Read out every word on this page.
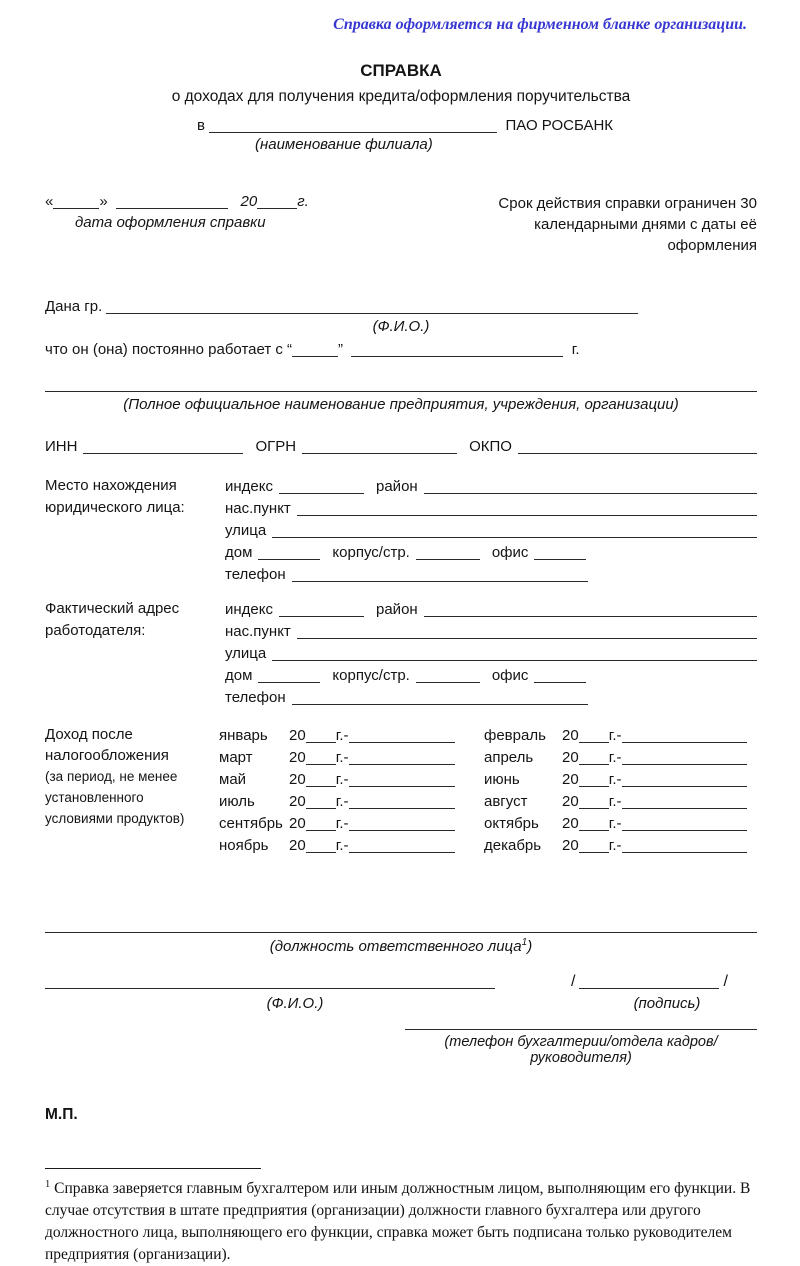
Справка оформляется на фирменном бланке организации.
СПРАВКА
о доходах для получения кредита/оформления поручительства
в	ПАО РОСБАНК
(наименование филиала)
«	»	20	г.
дата оформления справки
Срок действия справки ограничен 30 календарными днями с даты её оформления
Дана гр.
(Ф.И.О.)
что он (она) постоянно работает с “	”	г.
(Полное официальное наименование предприятия, учреждения, организации)
ИНН	ОГРН	ОКПО
Место нахождения
юридического лица:
индекс	район
нас.пункт
улица
дом	корпус/стр.	офис
телефон
Фактический адрес
работодателя:
индекс	район
нас.пункт
улица
дом	корпус/стр.	офис
телефон
Доход после
налогообложения
(за период, не менее
установленного
условиями продуктов)
январь	20 г.-	февраль	20 г.-
март	20 г.-	апрель	20 г.-
май	20 г.-	июнь	20 г.-
июль	20 г.-	август	20 г.-
сентябрь 20 г.-	октябрь	20 г.-
ноябрь	20 г.-	декабрь	20 г.-
(должность ответственного лица$^1$)
/	/
(Ф.И.О.)	(подпись)
(телефон бухгалтерии/отдела кадров/руководителя)
М.П.
$^1$ Справка заверяется главным бухгалтером или иным должностным лицом, выполняющим его функции. В случае отсутствия в штате предприятия (организации) должности главного бухгалтера или другого должностного лица, выполняющего его функции, справка может быть подписана только руководителем предприятия (организации).
